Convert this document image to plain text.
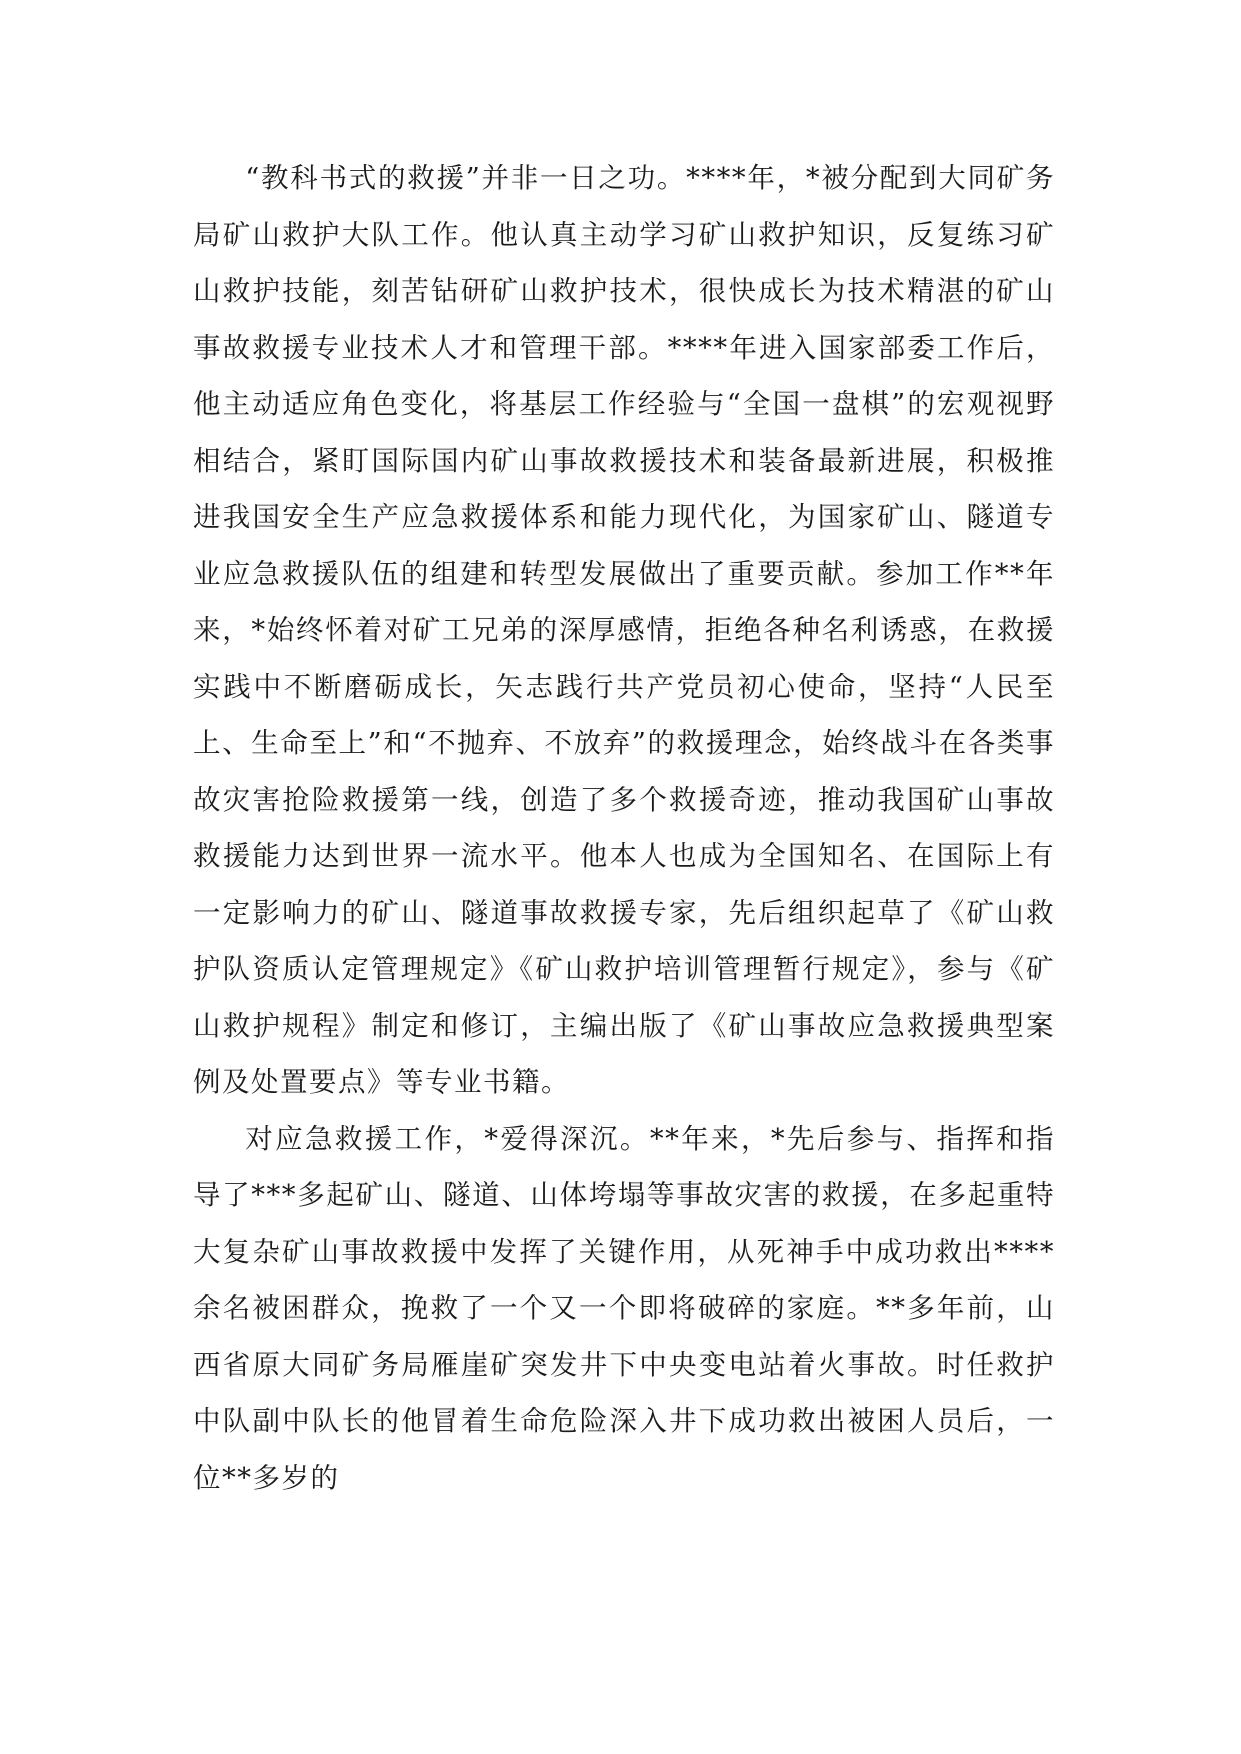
“教科书式的救援”并非一日之功。****年，*被分配到大同矿务局矿山救护大队工作。他认真主动学习矿山救护知识，反复练习矿山救护技能，刻苦钻研矿山救护技术，很快成长为技术精湛的矿山事故救援专业技术人才和管理干部。****年进入国家部委工作后，他主动适应角色变化，将基层工作经验与“全国一盘棋”的宏观视野相结合，紧盯国际国内矿山事故救援技术和装备最新进展，积极推进我国安全生产应急救援体系和能力现代化，为国家矿山、隧道专业应急救援队伍的组建和转型发展做出了重要贡献。参加工作**年来，*始终怀着对矿工兄弟的深厚感情，拒绝各种名利诱惑，在救援实践中不断磨砺成长，矢志践行共产党员初心使命，坚持“人民至上、生命至上”和“不抛弃、不放弃”的救援理念，始终战斗在各类事故灾害抢险救援第一线，创造了多个救援奇迹，推动我国矿山事故救援能力达到世界一流水平。他本人也成为全国知名、在国际上有一定影响力的矿山、隧道事故救援专家，先后组织起草了《矿山救护队资质认定管理规定》《矿山救护培训管理暂行规定》，参与《矿山救护规程》制定和修订，主编出版了《矿山事故应急救援典型案例及处置要点》等专业书籍。

对应急救援工作，*爱得深沉。**年来，*先后参与、指挥和指导了***多起矿山、隧道、山体垮塌等事故灾害的救援，在多起重特大复杂矿山事故救援中发挥了关键作用，从死神手中成功救出****余名被困群众，挽救了一个又一个即将破碎的家庭。**多年前，山西省原大同矿务局雁崖矿突发井下中央变电站着火事故。时任救护中队副中队长的他冒着生命危险深入井下成功救出被困人员后，一位**多岁的
